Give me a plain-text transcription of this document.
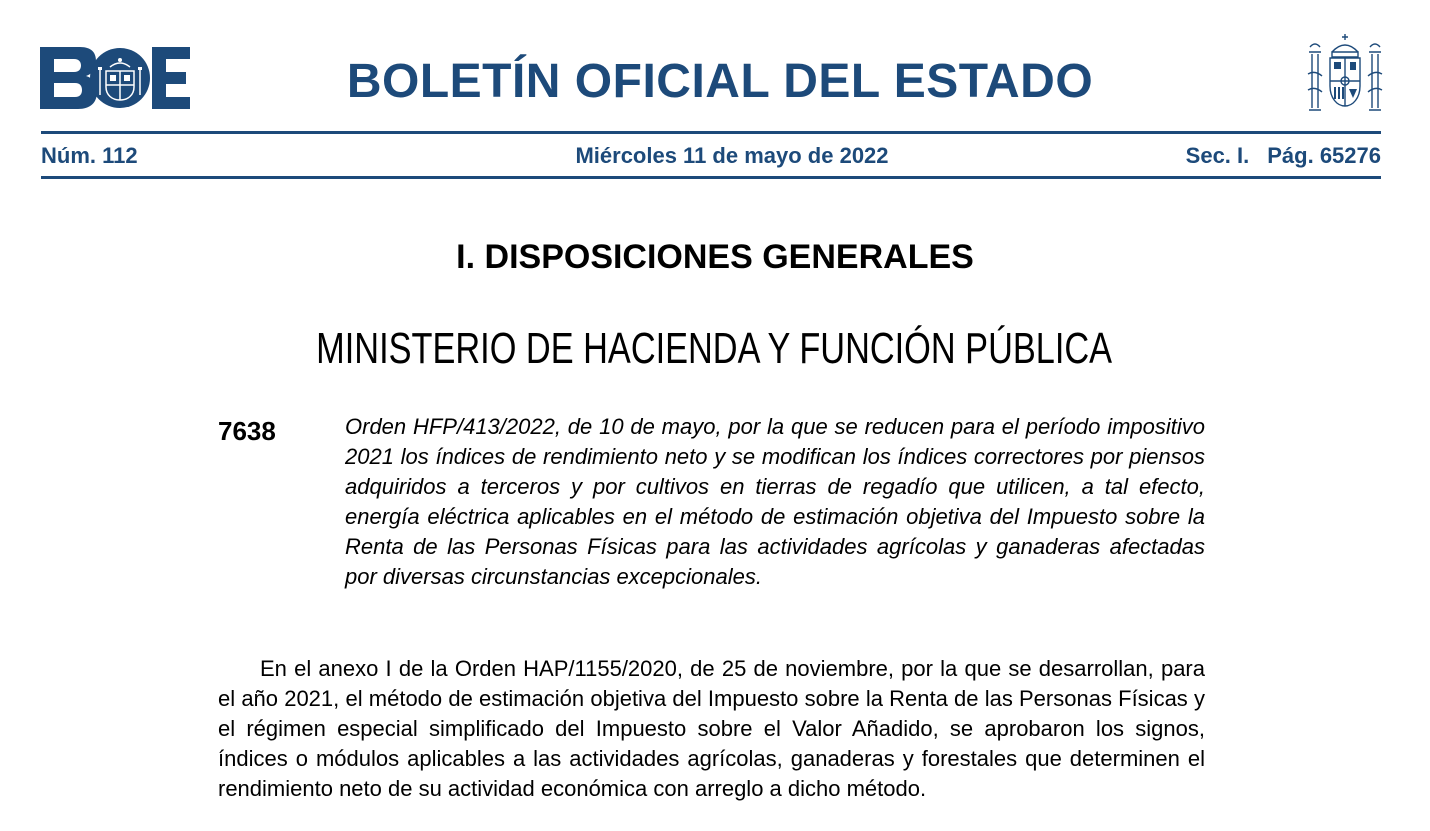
BOLETÍN OFICIAL DEL ESTADO
Núm. 112	Miércoles 11 de mayo de 2022	Sec. I. Pág. 65276
I. DISPOSICIONES GENERALES
MINISTERIO DE HACIENDA Y FUNCIÓN PÚBLICA
7638	Orden HFP/413/2022, de 10 de mayo, por la que se reducen para el período impositivo 2021 los índices de rendimiento neto y se modifican los índices correctores por piensos adquiridos a terceros y por cultivos en tierras de regadío que utilicen, a tal efecto, energía eléctrica aplicables en el método de estimación objetiva del Impuesto sobre la Renta de las Personas Físicas para las actividades agrícolas y ganaderas afectadas por diversas circunstancias excepcionales.
En el anexo I de la Orden HAP/1155/2020, de 25 de noviembre, por la que se desarrollan, para el año 2021, el método de estimación objetiva del Impuesto sobre la Renta de las Personas Físicas y el régimen especial simplificado del Impuesto sobre el Valor Añadido, se aprobaron los signos, índices o módulos aplicables a las actividades agrícolas, ganaderas y forestales que determinen el rendimiento neto de su actividad económica con arreglo a dicho método.
